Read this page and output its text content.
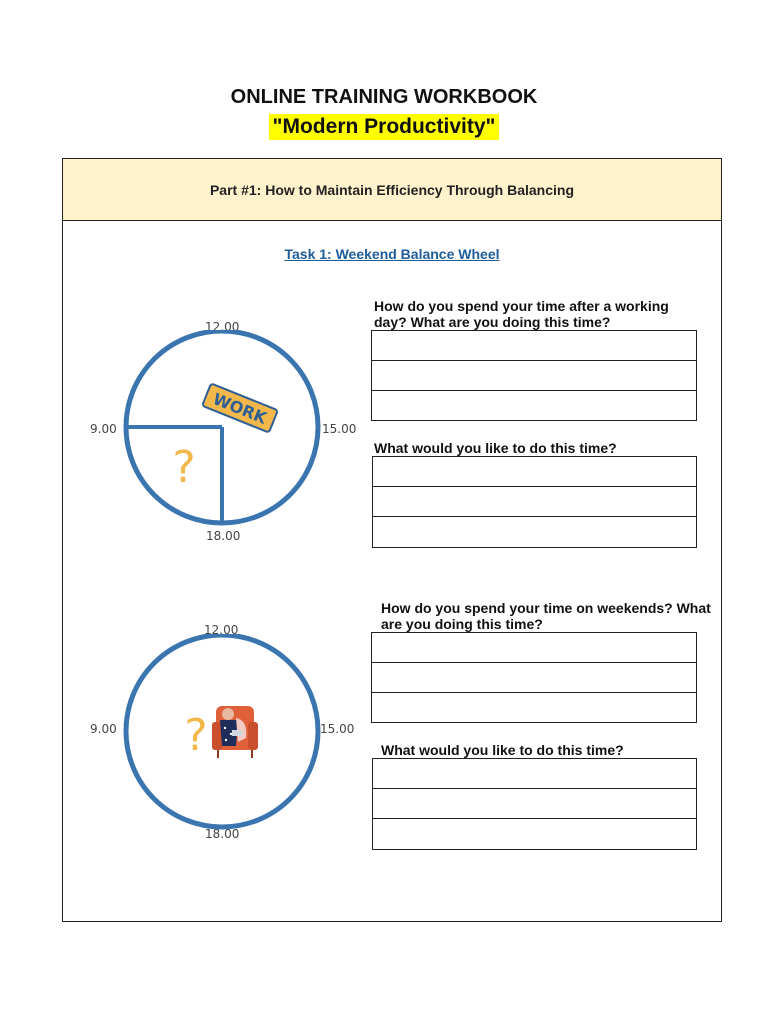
ONLINE TRAINING WORKBOOK
"Modern Productivity"
Part #1: How to Maintain Efficiency Through Balancing
Task 1: Weekend Balance Wheel
12.00
9.00	15.00
18.00
WORK
?
How do you spend your time after a working day? What are you doing this time?
What would you like to do this time?
12.00
9.00	15.00
18.00
?
How do you spend your time on weekends? What are you doing this time?
What would you like to do this time?
